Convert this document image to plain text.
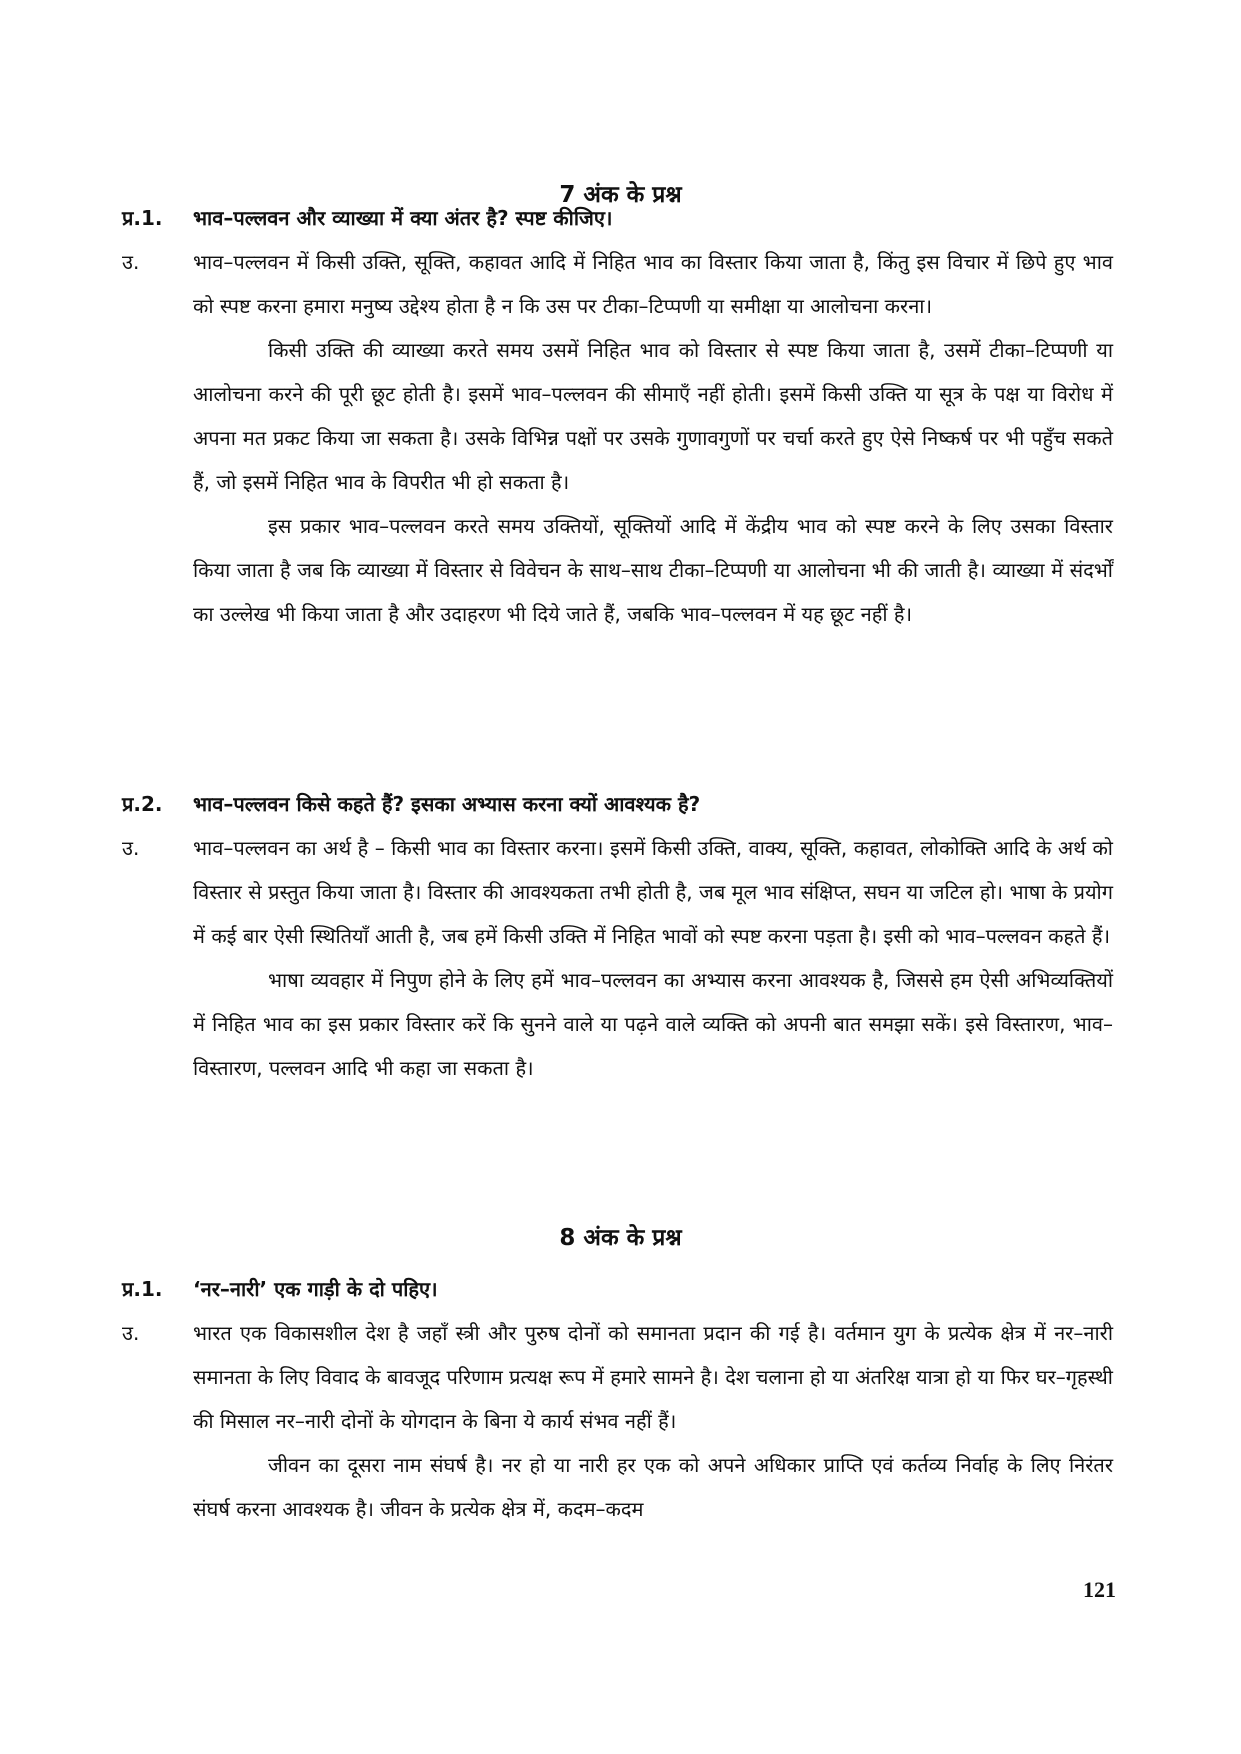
7 अंक के प्रश्न
प्र.1. भाव–पल्लवन और व्याख्या में क्या अंतर है? स्पष्ट कीजिए।
उ.	भाव–पल्लवन में किसी उक्ति, सूक्ति, कहावत आदि में निहित भाव का विस्तार किया जाता है, किंतु इस विचार में छिपे हुए भाव को स्पष्ट करना हमारा मनुष्य उद्देश्य होता है न कि उस पर टीका–टिप्पणी या समीक्षा या आलोचना करना।
किसी उक्ति की व्याख्या करते समय उसमें निहित भाव को विस्तार से स्पष्ट किया जाता है, उसमें टीका–टिप्पणी या आलोचना करने की पूरी छूट होती है। इसमें भाव–पल्लवन की सीमाएँ नहीं होती। इसमें किसी उक्ति या सूत्र के पक्ष या विरोध में अपना मत प्रकट किया जा सकता है। उसके विभिन्न पक्षों पर उसके गुणावगुणों पर चर्चा करते हुए ऐसे निष्कर्ष पर भी पहुँच सकते हैं, जो इसमें निहित भाव के विपरीत भी हो सकता है।
इस प्रकार भाव–पल्लवन करते समय उक्तियों, सूक्तियों आदि में केंद्रीय भाव को स्पष्ट करने के लिए उसका विस्तार किया जाता है जब कि व्याख्या में विस्तार से विवेचन के साथ–साथ टीका–टिप्पणी या आलोचना भी की जाती है। व्याख्या में संदर्भों का उल्लेख भी किया जाता है और उदाहरण भी दिये जाते हैं, जबकि भाव–पल्लवन में यह छूट नहीं है।
प्र.2. भाव–पल्लवन किसे कहते हैं? इसका अभ्यास करना क्यों आवश्यक है?
उ.	भाव–पल्लवन का अर्थ है – किसी भाव का विस्तार करना। इसमें किसी उक्ति, वाक्य, सूक्ति, कहावत, लोकोक्ति आदि के अर्थ को विस्तार से प्रस्तुत किया जाता है। विस्तार की आवश्यकता तभी होती है, जब मूल भाव संक्षिप्त, सघन या जटिल हो। भाषा के प्रयोग में कई बार ऐसी स्थितियाँ आती है, जब हमें किसी उक्ति में निहित भावों को स्पष्ट करना पड़ता है। इसी को भाव–पल्लवन कहते हैं।
भाषा व्यवहार में निपुण होने के लिए हमें भाव–पल्लवन का अभ्यास करना आवश्यक है, जिससे हम ऐसी अभिव्यक्तियों में निहित भाव का इस प्रकार विस्तार करें कि सुनने वाले या पढ़ने वाले व्यक्ति को अपनी बात समझा सकें। इसे विस्तारण, भाव–विस्तारण, पल्लवन आदि भी कहा जा सकता है।
8 अंक के प्रश्न
प्र.1. ‘नर–नारी’ एक गाड़ी के दो पहिए।
उ.	भारत एक विकासशील देश है जहाँ स्त्री और पुरुष दोनों को समानता प्रदान की गई है। वर्तमान युग के प्रत्येक क्षेत्र में नर–नारी समानता के लिए विवाद के बावजूद परिणाम प्रत्यक्ष रूप में हमारे सामने है। देश चलाना हो या अंतरिक्ष यात्रा हो या फिर घर–गृहस्थी की मिसाल नर–नारी दोनों के योगदान के बिना ये कार्य संभव नहीं हैं।
जीवन का दूसरा नाम संघर्ष है। नर हो या नारी हर एक को अपने अधिकार प्राप्ति एवं कर्तव्य निर्वाह के लिए निरंतर संघर्ष करना आवश्यक है। जीवन के प्रत्येक क्षेत्र में, कदम–कदम
121
